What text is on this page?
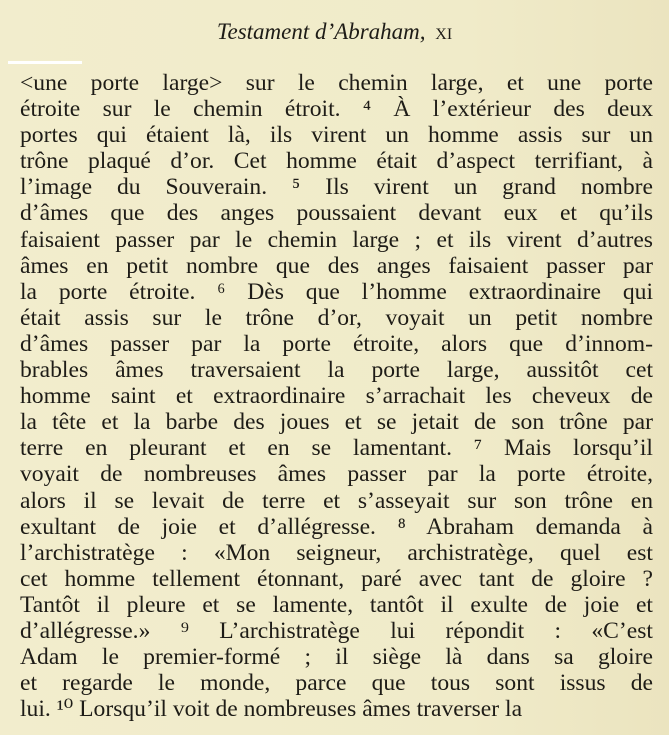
Testament d’Abraham, xi
<une porte large> sur le chemin large, et une porte
étroite sur le chemin étroit. ⁴ À l’extérieur des deux
portes qui étaient là, ils virent un homme assis sur un
trône plaqué d’or. Cet homme était d’aspect terrifiant, à
l’image du Souverain. ⁵ Ils virent un grand nombre
d’âmes que des anges poussaient devant eux et qu’ils
faisaient passer par le chemin large ; et ils virent d’autres
âmes en petit nombre que des anges faisaient passer par
la porte étroite. ⁶ Dès que l’homme extraordinaire qui
était assis sur le trône d’or, voyait un petit nombre
d’âmes passer par la porte étroite, alors que d’innom-
brables âmes traversaient la porte large, aussitôt cet
homme saint et extraordinaire s’arrachait les cheveux de
la tête et la barbe des joues et se jetait de son trône par
terre en pleurant et en se lamentant. ⁷ Mais lorsqu’il
voyait de nombreuses âmes passer par la porte étroite,
alors il se levait de terre et s’asseyait sur son trône en
exultant de joie et d’allégresse. ⁸ Abraham demanda à
l’archistratège : «Mon seigneur, archistratège, quel est
cet homme tellement étonnant, paré avec tant de gloire ?
Tantôt il pleure et se lamente, tantôt il exulte de joie et
d’allégresse.» ⁹ L’archistratège lui répondit : «C’est
Adam le premier-formé ; il siège là dans sa gloire
et regarde le monde, parce que tous sont issus de
lui. ¹⁰ Lorsqu’il voit de nombreuses âmes traverser la
